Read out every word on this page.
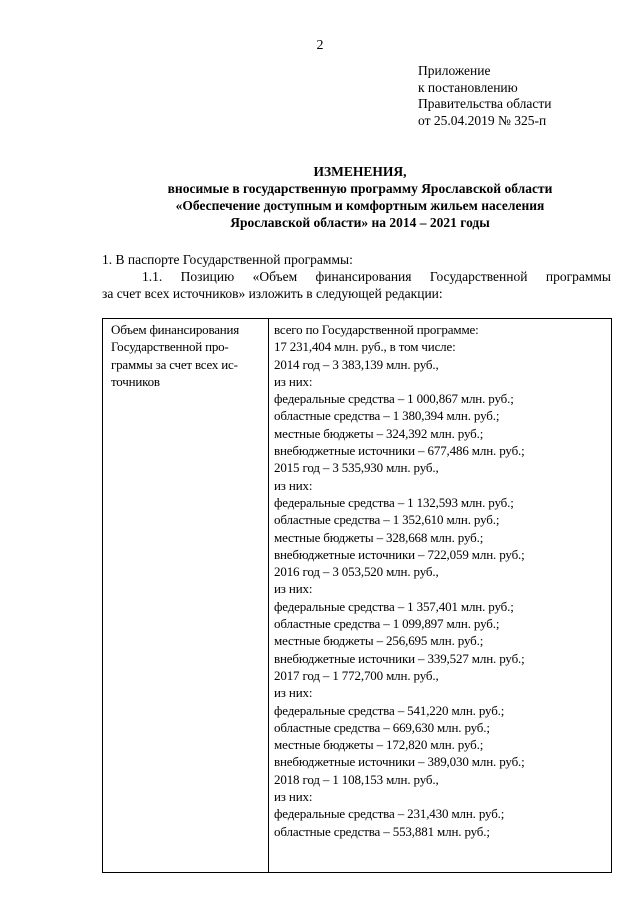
2
Приложение
к постановлению
Правительства области
от 25.04.2019 № 325-п
ИЗМЕНЕНИЯ,
вносимые в государственную программу Ярославской области
«Обеспечение доступным и комфортным жильем населения
Ярославской области» на 2014 – 2021 годы
1. В паспорте Государственной программы:
1.1. Позицию «Объем финансирования Государственной программы
за счет всех источников» изложить в следующей редакции:
Объем финансирования
Государственной про-
граммы за счет всех ис-
точников
всего по Государственной программе:
17 231,404 млн. руб., в том числе:
2014 год – 3 383,139 млн. руб.,
из них:
федеральные средства – 1 000,867 млн. руб.;
областные средства – 1 380,394 млн. руб.;
местные бюджеты – 324,392 млн. руб.;
внебюджетные источники – 677,486 млн. руб.;
2015 год – 3 535,930 млн. руб.,
из них:
федеральные средства – 1 132,593 млн. руб.;
областные средства – 1 352,610 млн. руб.;
местные бюджеты – 328,668 млн. руб.;
внебюджетные источники – 722,059 млн. руб.;
2016 год – 3 053,520 млн. руб.,
из них:
федеральные средства – 1 357,401 млн. руб.;
областные средства – 1 099,897 млн. руб.;
местные бюджеты – 256,695 млн. руб.;
внебюджетные источники – 339,527 млн. руб.;
2017 год – 1 772,700 млн. руб.,
из них:
федеральные средства – 541,220 млн. руб.;
областные средства – 669,630 млн. руб.;
местные бюджеты – 172,820 млн. руб.;
внебюджетные источники – 389,030 млн. руб.;
2018 год – 1 108,153 млн. руб.,
из них:
федеральные средства – 231,430 млн. руб.;
областные средства – 553,881 млн. руб.;
